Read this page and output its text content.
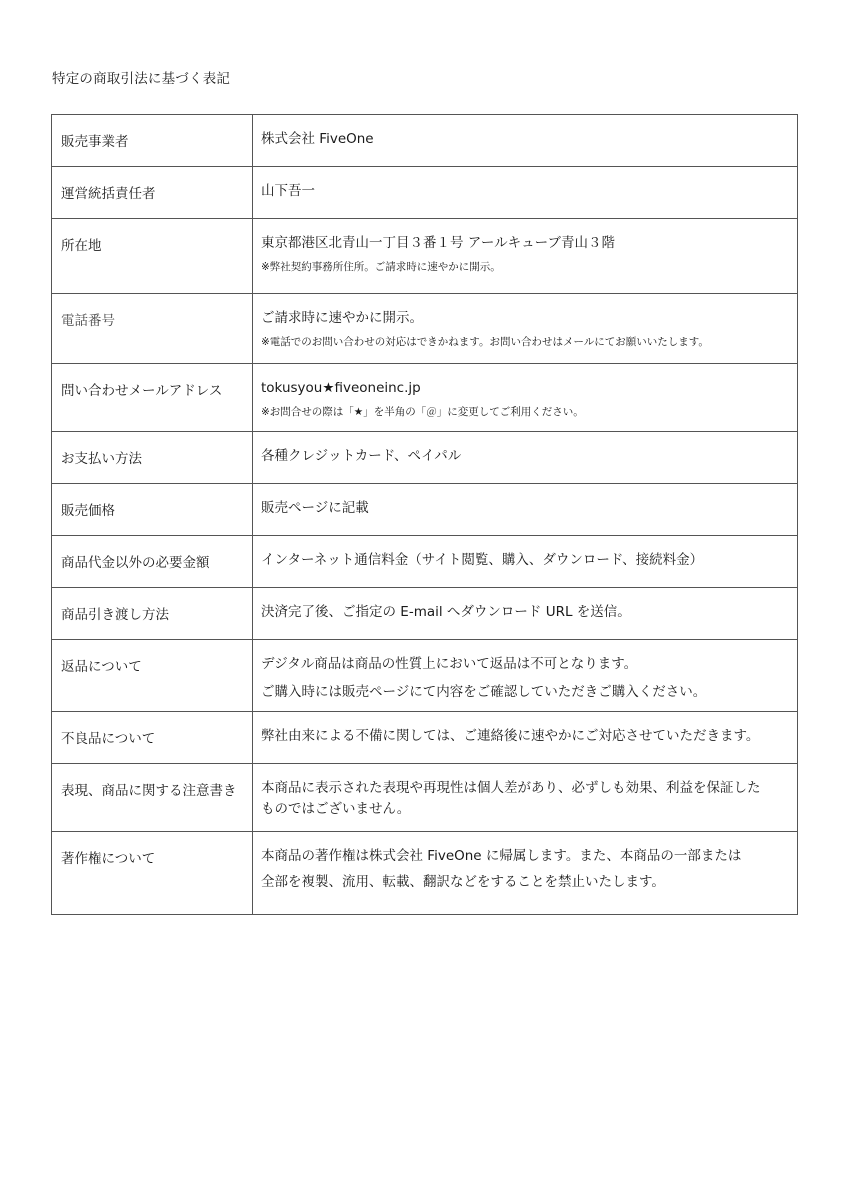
特定の商取引法に基づく表記
販売事業者	株式会社 FiveOne

運営統括責任者	山下吾一

所在地	東京都港区北青山一丁目３番１号 アールキューブ青山３階
※弊社契約事務所住所。ご請求時に速やかに開示。

電話番号	ご請求時に速やかに開示。
※電話でのお問い合わせの対応はできかねます。お問い合わせはメールにてお願いいたします。

問い合わせメールアドレス	tokusyou★fiveoneinc.jp
※お問合せの際は「★」を半角の「＠」に変更してご利用ください。

お支払い方法	各種クレジットカード、ペイパル

販売価格	販売ページに記載

商品代金以外の必要金額	インターネット通信料金（サイト閲覧、購入、ダウンロード、接続料金）

商品引き渡し方法	決済完了後、ご指定の E-mail へダウンロード URL を送信。

返品について	デジタル商品は商品の性質上において返品は不可となります。
ご購入時には販売ページにて内容をご確認していただきご購入ください。

不良品について	弊社由来による不備に関しては、ご連絡後に速やかにご対応させていただきます。

表現、商品に関する注意書き	本商品に表示された表現や再現性は個人差があり、必ずしも効果、利益を保証した
ものではございません。

著作権について	本商品の著作権は株式会社 FiveOne に帰属します。また、本商品の一部または
全部を複製、流用、転載、翻訳などをすることを禁止いたします。
